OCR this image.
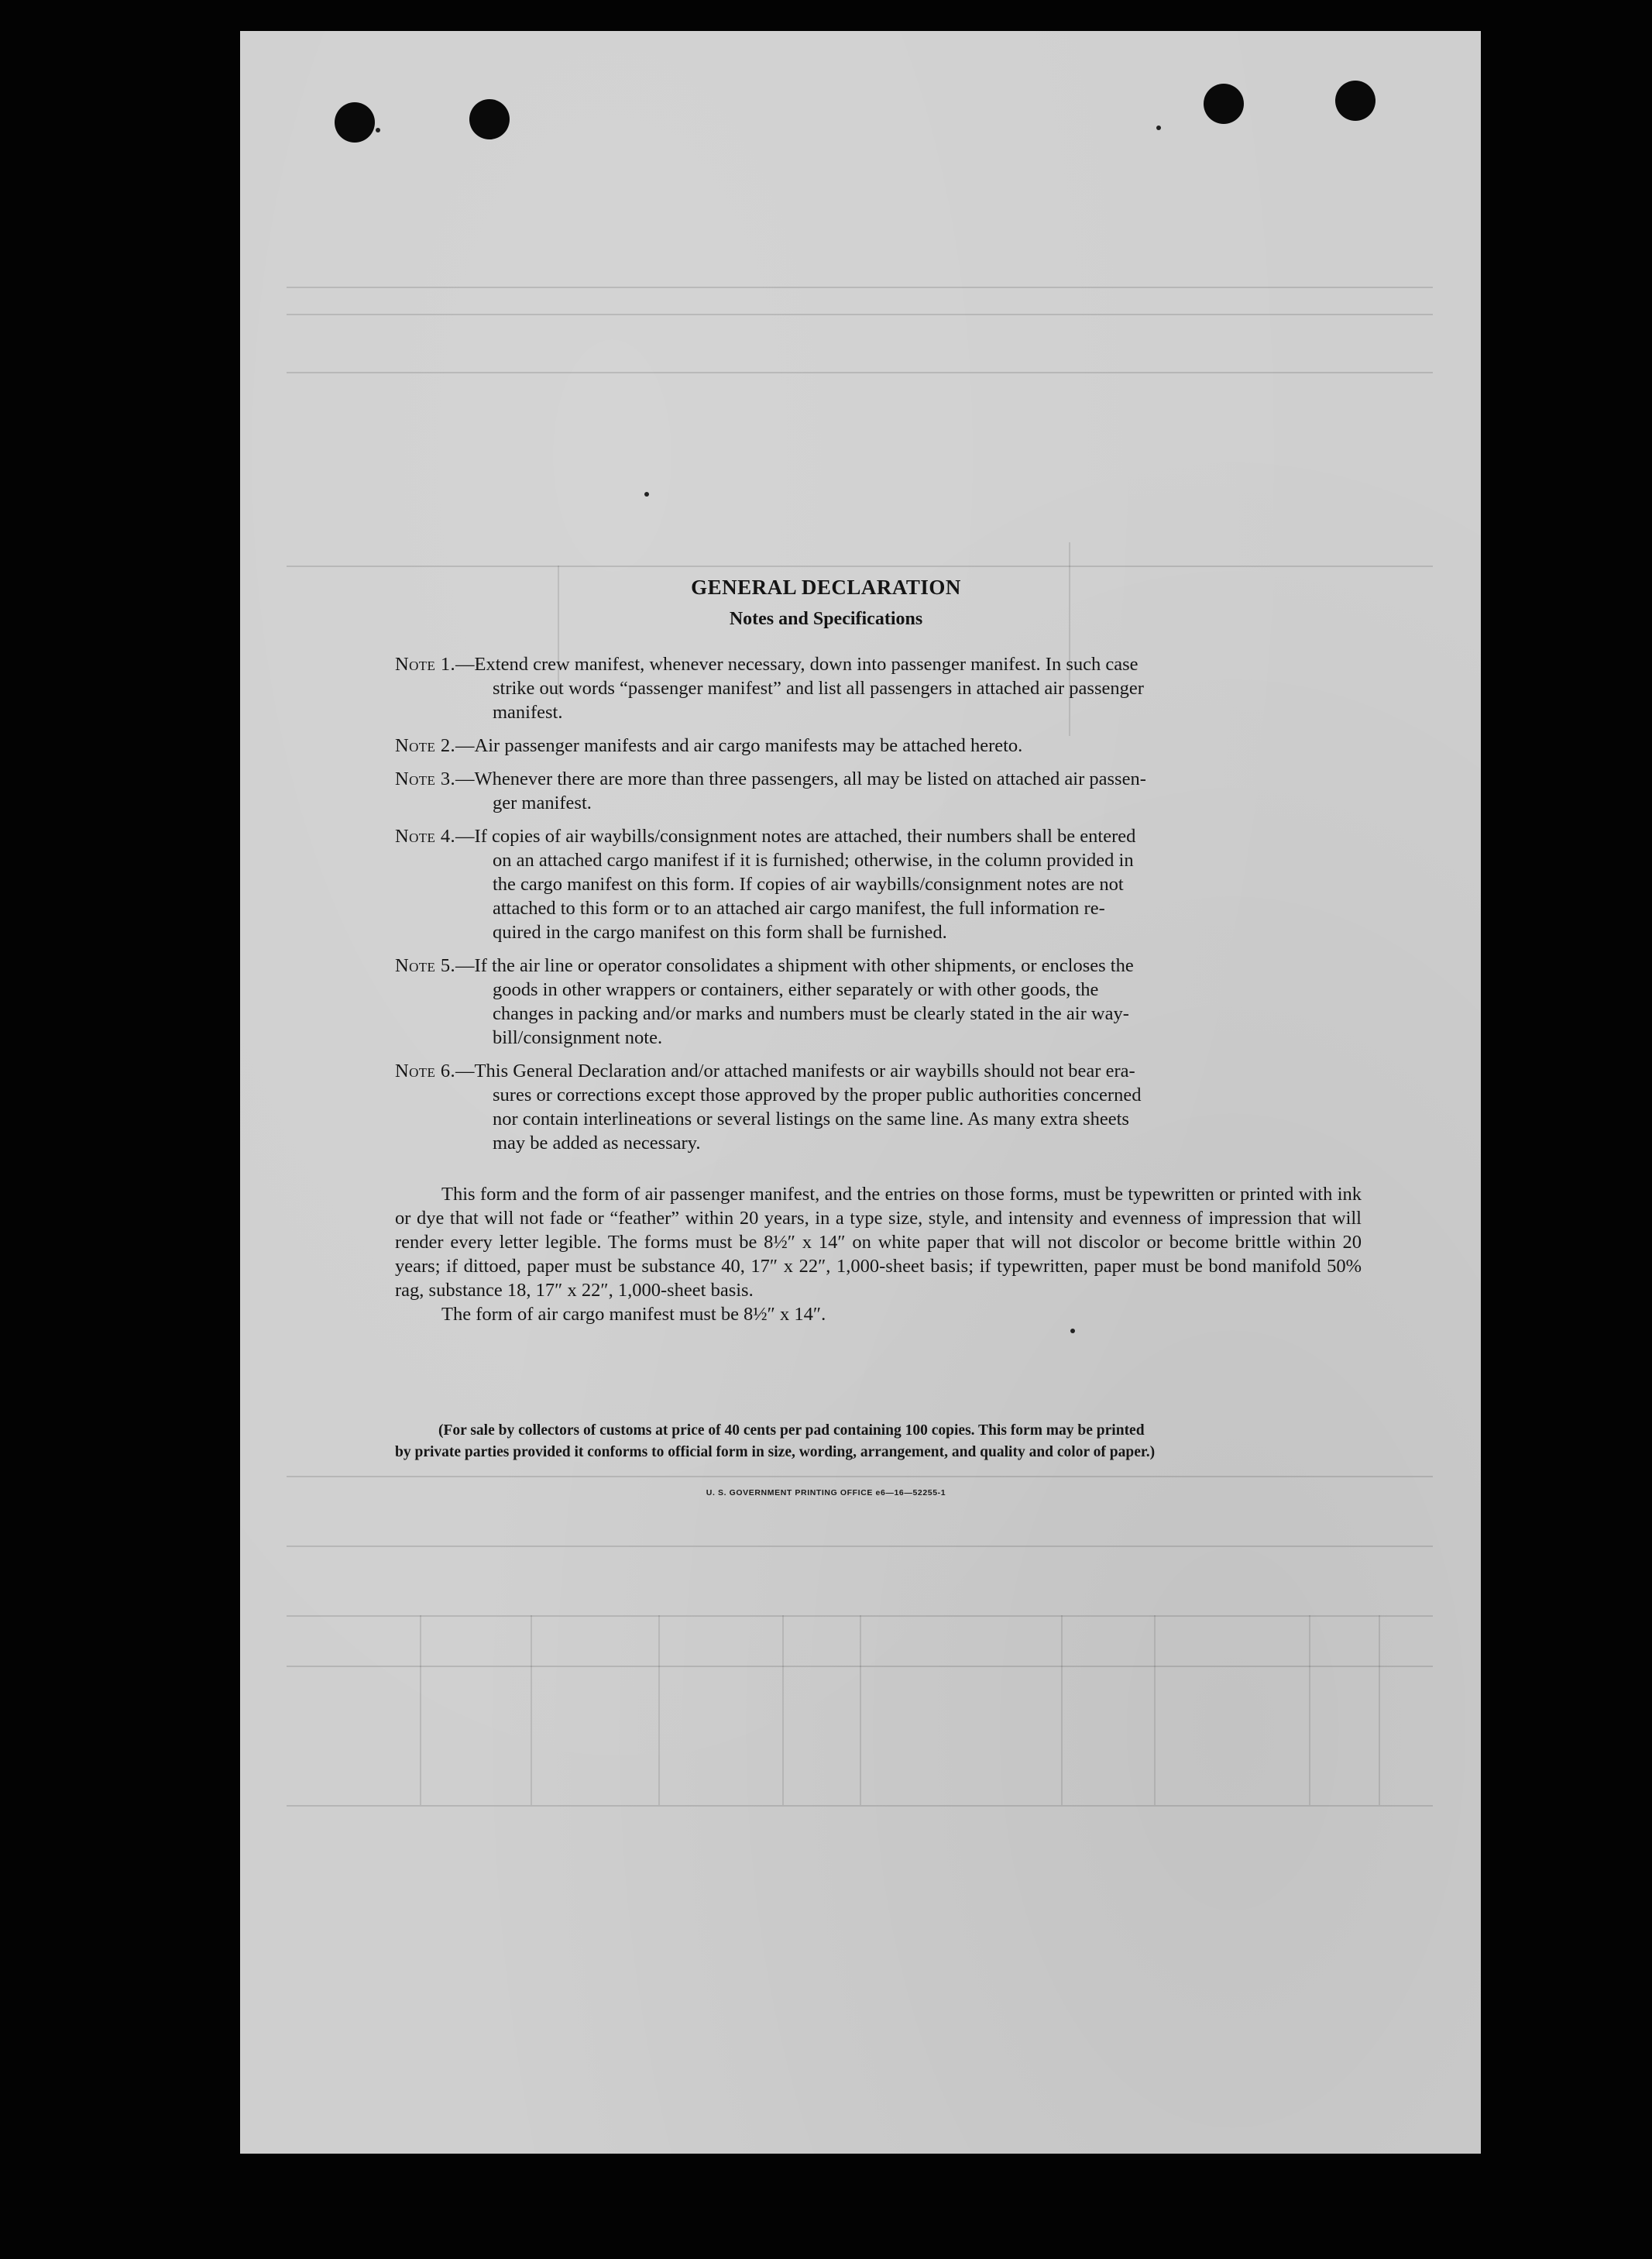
GENERAL DECLARATION
Notes and Specifications
Note 1.—Extend crew manifest, whenever necessary, down into passenger manifest. In such case
strike out words “passenger manifest” and list all passengers in attached air passenger
manifest.
Note 2.—Air passenger manifests and air cargo manifests may be attached hereto.
Note 3.—Whenever there are more than three passengers, all may be listed on attached air passen-
ger manifest.
Note 4.—If copies of air waybills/consignment notes are attached, their numbers shall be entered
on an attached cargo manifest if it is furnished; otherwise, in the column provided in
the cargo manifest on this form. If copies of air waybills/consignment notes are not
attached to this form or to an attached air cargo manifest, the full information re-
quired in the cargo manifest on this form shall be furnished.
Note 5.—If the air line or operator consolidates a shipment with other shipments, or encloses the
goods in other wrappers or containers, either separately or with other goods, the
changes in packing and/or marks and numbers must be clearly stated in the air way-
bill/consignment note.
Note 6.—This General Declaration and/or attached manifests or air waybills should not bear era-
sures or corrections except those approved by the proper public authorities concerned
nor contain interlineations or several listings on the same line. As many extra sheets
may be added as necessary.
This form and the form of air passenger manifest, and the entries on those forms, must be typewritten or printed with ink or dye that will not fade or “feather” within 20 years, in a type size, style, and intensity and evenness of impression that will render every letter legible. The forms must be 8½″ x 14″ on white paper that will not discolor or become brittle within 20 years; if dittoed, paper must be substance 40, 17″ x 22″, 1,000-sheet basis; if typewritten, paper must be bond manifold 50% rag, substance 18, 17″ x 22″, 1,000-sheet basis.
The form of air cargo manifest must be 8½″ x 14″.
(For sale by collectors of customs at price of 40 cents per pad containing 100 copies. This form may be printed
by private parties provided it conforms to official form in size, wording, arrangement, and quality and color of paper.)
U. S. GOVERNMENT PRINTING OFFICE e6—16—52255-1
